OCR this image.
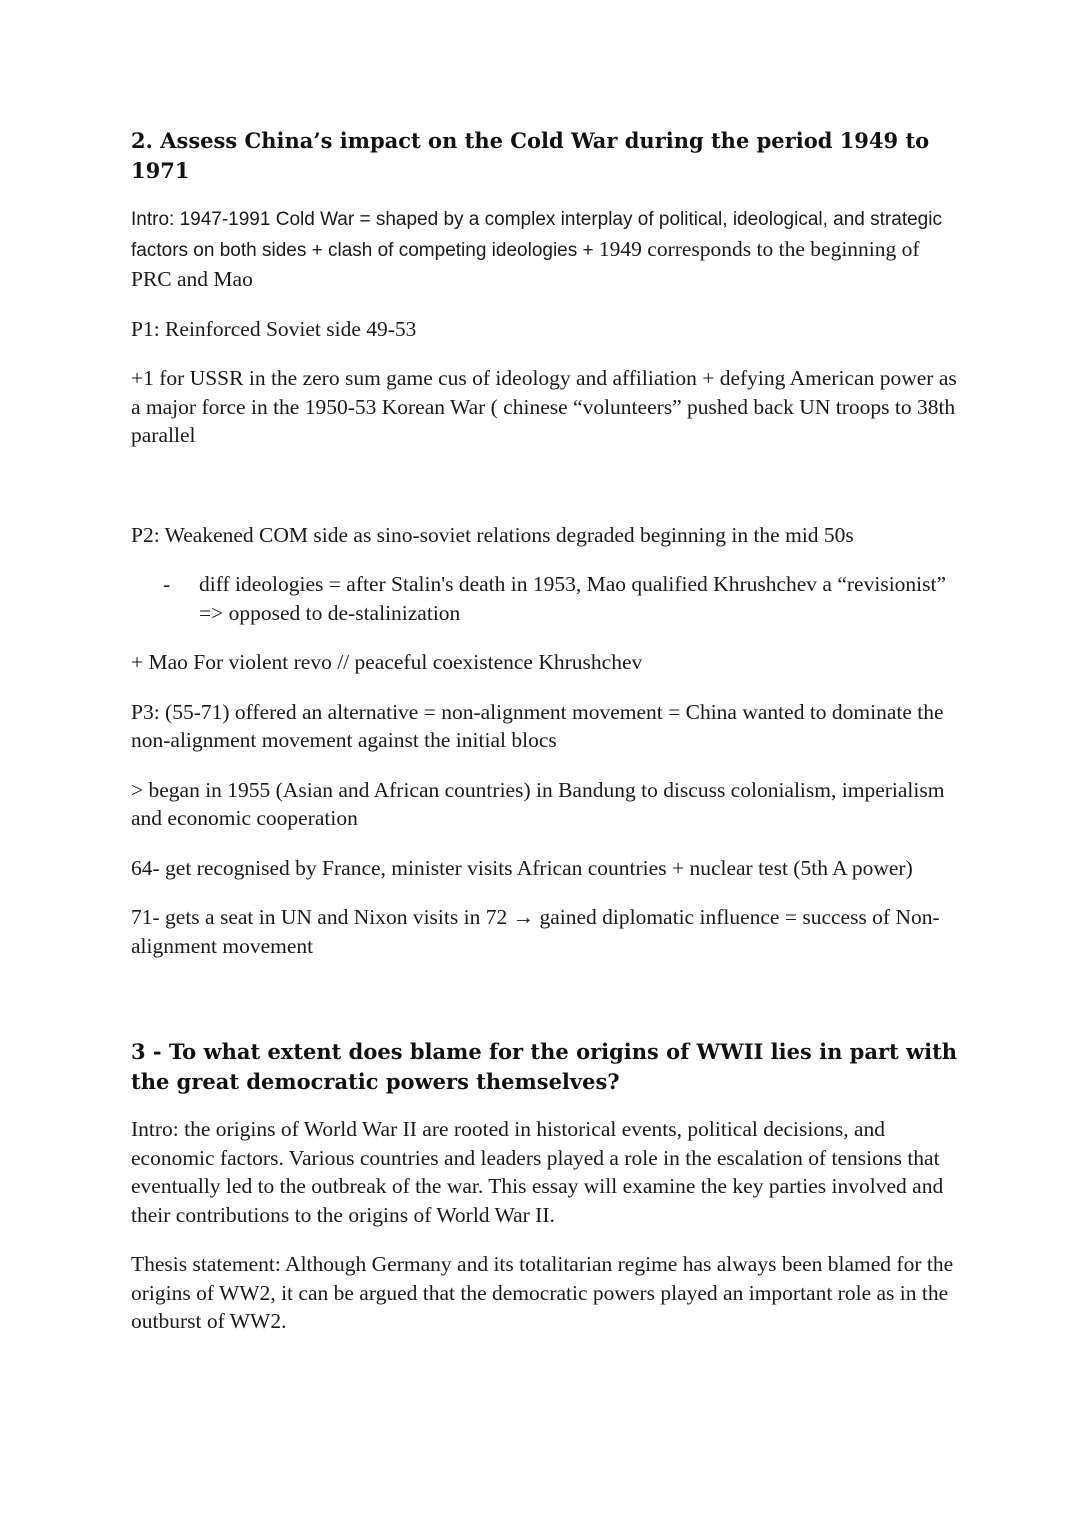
2. Assess China’s impact on the Cold War during the period 1949 to 1971

Intro: 1947-1991 Cold War = shaped by a complex interplay of political, ideological, and strategic factors on both sides + clash of competing ideologies + 1949 corresponds to the beginning of PRC and Mao

P1: Reinforced Soviet side 49-53

+1 for USSR in the zero sum game cus of ideology and affiliation + defying American power as a major force in the 1950-53 Korean War ( chinese “volunteers” pushed back UN troops to 38th parallel

P2: Weakened COM side as sino-soviet relations degraded beginning in the mid 50s

- diff ideologies = after Stalin's death in 1953, Mao qualified Khrushchev a “revisionist” => opposed to de-stalinization

+ Mao For violent revo // peaceful coexistence Khrushchev

P3: (55-71) offered an alternative = non-alignment movement = China wanted to dominate the non-alignment movement against the initial blocs

> began in 1955 (Asian and African countries) in Bandung to discuss colonialism, imperialism and economic cooperation

64- get recognised by France, minister visits African countries + nuclear test (5th A power)

71- gets a seat in UN and Nixon visits in 72 → gained diplomatic influence = success of Non-alignment movement

3 - To what extent does blame for the origins of WWII lies in part with the great democratic powers themselves?

Intro: the origins of World War II are rooted in historical events, political decisions, and economic factors. Various countries and leaders played a role in the escalation of tensions that eventually led to the outbreak of the war. This essay will examine the key parties involved and their contributions to the origins of World War II.

Thesis statement: Although Germany and its totalitarian regime has always been blamed for the origins of WW2, it can be argued that the democratic powers played an important role as in the outburst of WW2.
